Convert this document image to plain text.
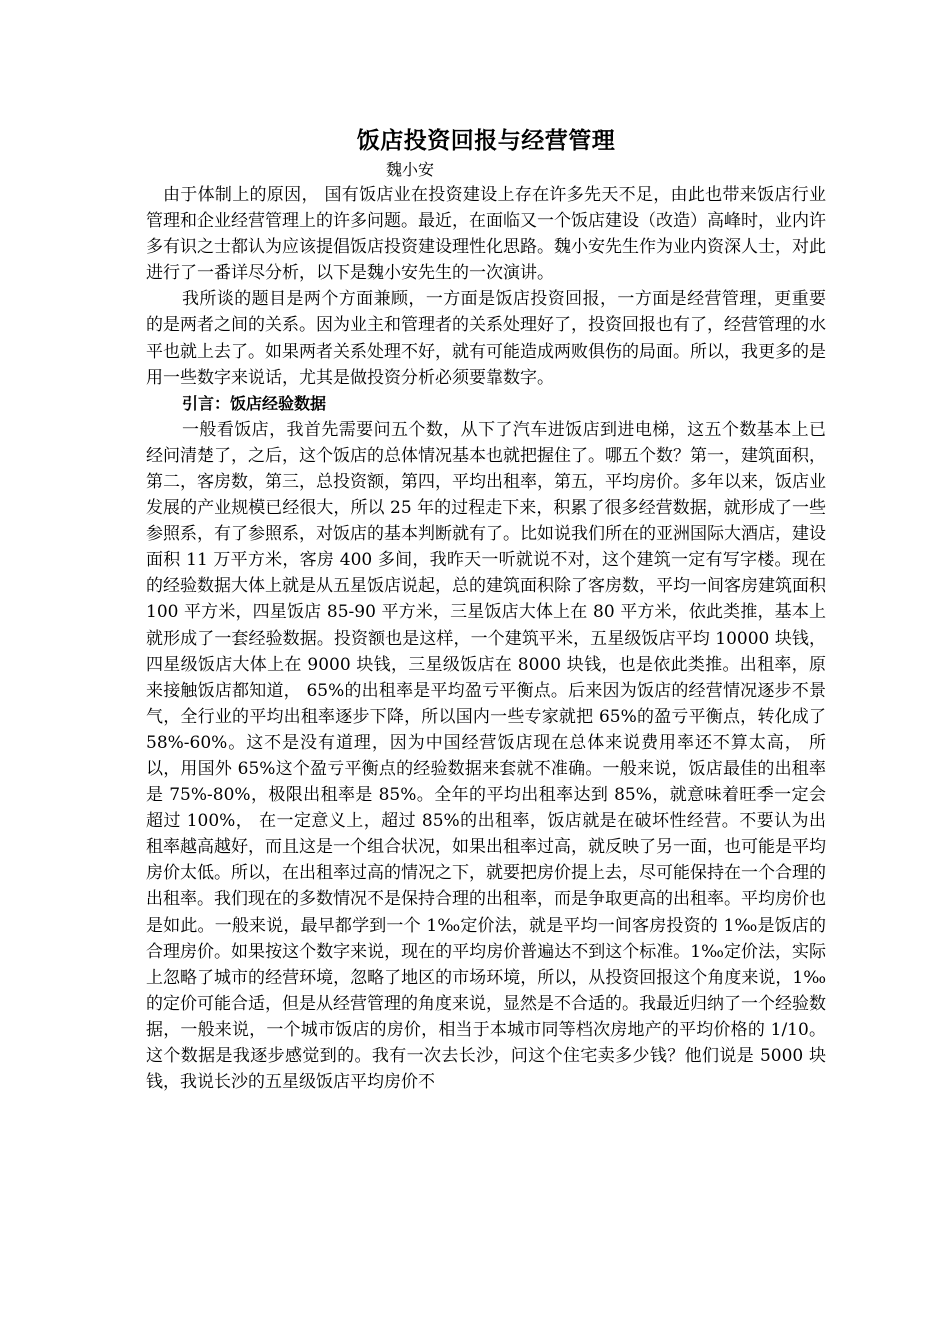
饭店投资回报与经营管理

魏小安

由于体制上的原因， 国有饭店业在投资建设上存在许多先天不足，由此也带来饭店行业管理和企业经营管理上的许多问题。最近，在面临又一个饭店建设（改造）高峰时，业内许多有识之士都认为应该提倡饭店投资建设理性化思路。魏小安先生作为业内资深人士，对此进行了一番详尽分析，以下是魏小安先生的一次演讲。

我所谈的题目是两个方面兼顾，一方面是饭店投资回报，一方面是经营管理，更重要的是两者之间的关系。因为业主和管理者的关系处理好了，投资回报也有了，经营管理的水平也就上去了。如果两者关系处理不好，就有可能造成两败俱伤的局面。所以，我更多的是用一些数字来说话，尤其是做投资分析必须要靠数字。

引言：饭店经验数据

一般看饭店，我首先需要问五个数，从下了汽车进饭店到进电梯，这五个数基本上已经问清楚了，之后，这个饭店的总体情况基本也就把握住了。哪五个数？第一，建筑面积，第二，客房数，第三，总投资额，第四，平均出租率，第五，平均房价。多年以来，饭店业发展的产业规模已经很大，所以 25 年的过程走下来，积累了很多经营数据，就形成了一些参照系，有了参照系，对饭店的基本判断就有了。比如说我们所在的亚洲国际大酒店，建设面积 11 万平方米，客房 400 多间，我昨天一听就说不对，这个建筑一定有写字楼。现在的经验数据大体上就是从五星饭店说起，总的建筑面积除了客房数，平均一间客房建筑面积 100 平方米，四星饭店 85-90 平方米，三星饭店大体上在 80 平方米，依此类推，基本上就形成了一套经验数据。投资额也是这样，一个建筑平米，五星级饭店平均 10000 块钱，四星级饭店大体上在 9000 块钱，三星级饭店在 8000 块钱，也是依此类推。出租率，原来接触饭店都知道， 65%的出租率是平均盈亏平衡点。后来因为饭店的经营情况逐步不景气，全行业的平均出租率逐步下降，所以国内一些专家就把 65%的盈亏平衡点，转化成了 58%-60%。这不是没有道理，因为中国经营饭店现在总体来说费用率还不算太高， 所以，用国外 65%这个盈亏平衡点的经验数据来套就不准确。一般来说，饭店最佳的出租率是 75%-80%，极限出租率是 85%。全年的平均出租率达到 85%，就意味着旺季一定会超过 100%， 在一定意义上，超过 85%的出租率，饭店就是在破坏性经营。不要认为出租率越高越好，而且这是一个组合状况，如果出租率过高，就反映了另一面，也可能是平均房价太低。所以，在出租率过高的情况之下，就要把房价提上去，尽可能保持在一个合理的出租率。我们现在的多数情况不是保持合理的出租率，而是争取更高的出租率。平均房价也是如此。一般来说，最早都学到一个 1‰定价法，就是平均一间客房投资的 1‰是饭店的合理房价。如果按这个数字来说，现在的平均房价普遍达不到这个标准。1‰定价法，实际上忽略了城市的经营环境，忽略了地区的市场环境，所以，从投资回报这个角度来说，1‰的定价可能合适，但是从经营管理的角度来说，显然是不合适的。我最近归纳了一个经验数据，一般来说，一个城市饭店的房价，相当于本城市同等档次房地产的平均价格的 1/10。这个数据是我逐步感觉到的。我有一次去长沙，问这个住宅卖多少钱？他们说是 5000 块钱，我说长沙的五星级饭店平均房价不
